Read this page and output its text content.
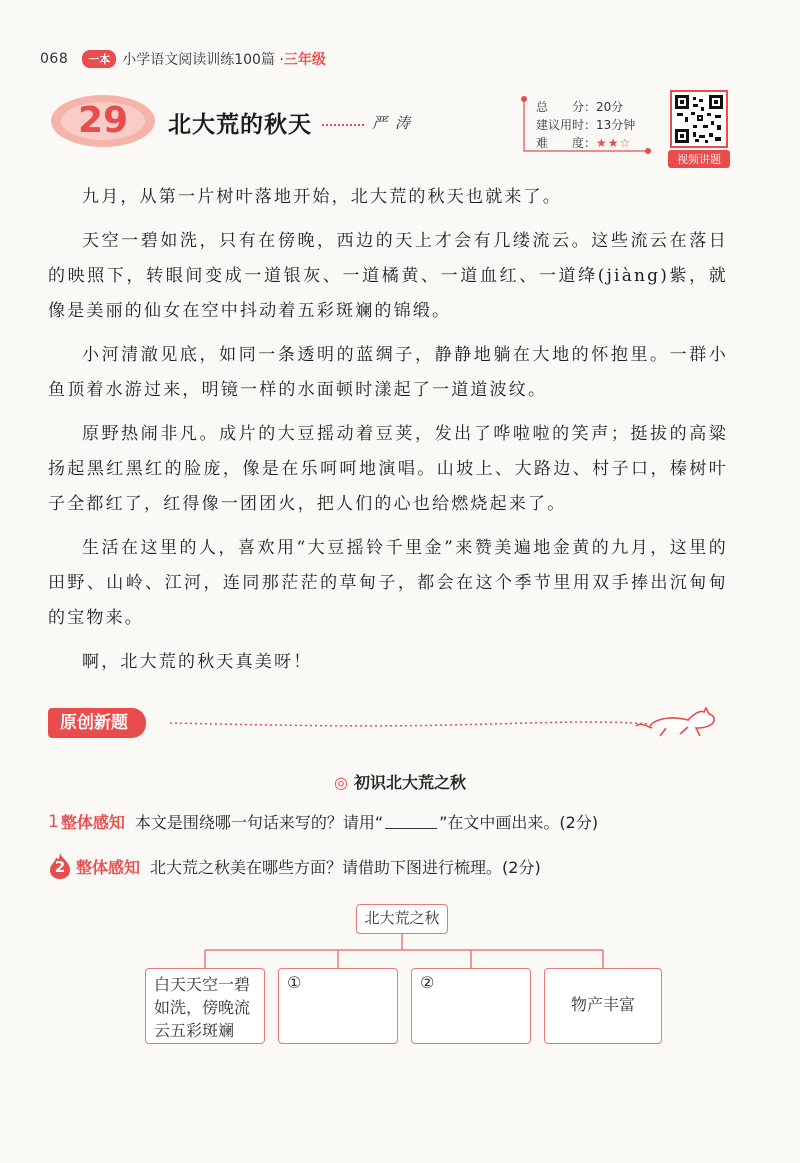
068	一本 小学语文阅读训练100篇 · 三年级
29	北大荒的秋天	严涛
总　　分：20分
建议用时：13分钟
难　　度：★★☆
视频讲题

九月，从第一片树叶落地开始，北大荒的秋天也就来了。

天空一碧如洗，只有在傍晚，西边的天上才会有几缕流云。这些流云在落日的映照下，转眼间变成一道银灰、一道橘黄、一道血红、一道绛(jiàng)紫，就像是美丽的仙女在空中抖动着五彩斑斓的锦缎。

小河清澈见底，如同一条透明的蓝绸子，静静地躺在大地的怀抱里。一群小鱼顶着水游过来，明镜一样的水面顿时漾起了一道道波纹。

原野热闹非凡。成片的大豆摇动着豆荚，发出了哗啦啦的笑声；挺拔的高粱扬起黑红黑红的脸庞，像是在乐呵呵地演唱。山坡上、大路边、村子口，榛树叶子全都红了，红得像一团团火，把人们的心也给燃烧起来了。

生活在这里的人，喜欢用“大豆摇铃千里金”来赞美遍地金黄的九月，这里的田野、山岭、江河，连同那茫茫的草甸子，都会在这个季节里用双手捧出沉甸甸的宝物来。

啊，北大荒的秋天真美呀！

原创新题
◎ 初识北大荒之秋
1 整体感知 本文是围绕哪一句话来写的？请用“	”在文中画出来。(2分)
2 整体感知 北大荒之秋美在哪些方面？请借助下图进行梳理。(2分)
北大荒之秋
白天天空一碧如洗，傍晚流云五彩斑斓
①	②
物产丰富
